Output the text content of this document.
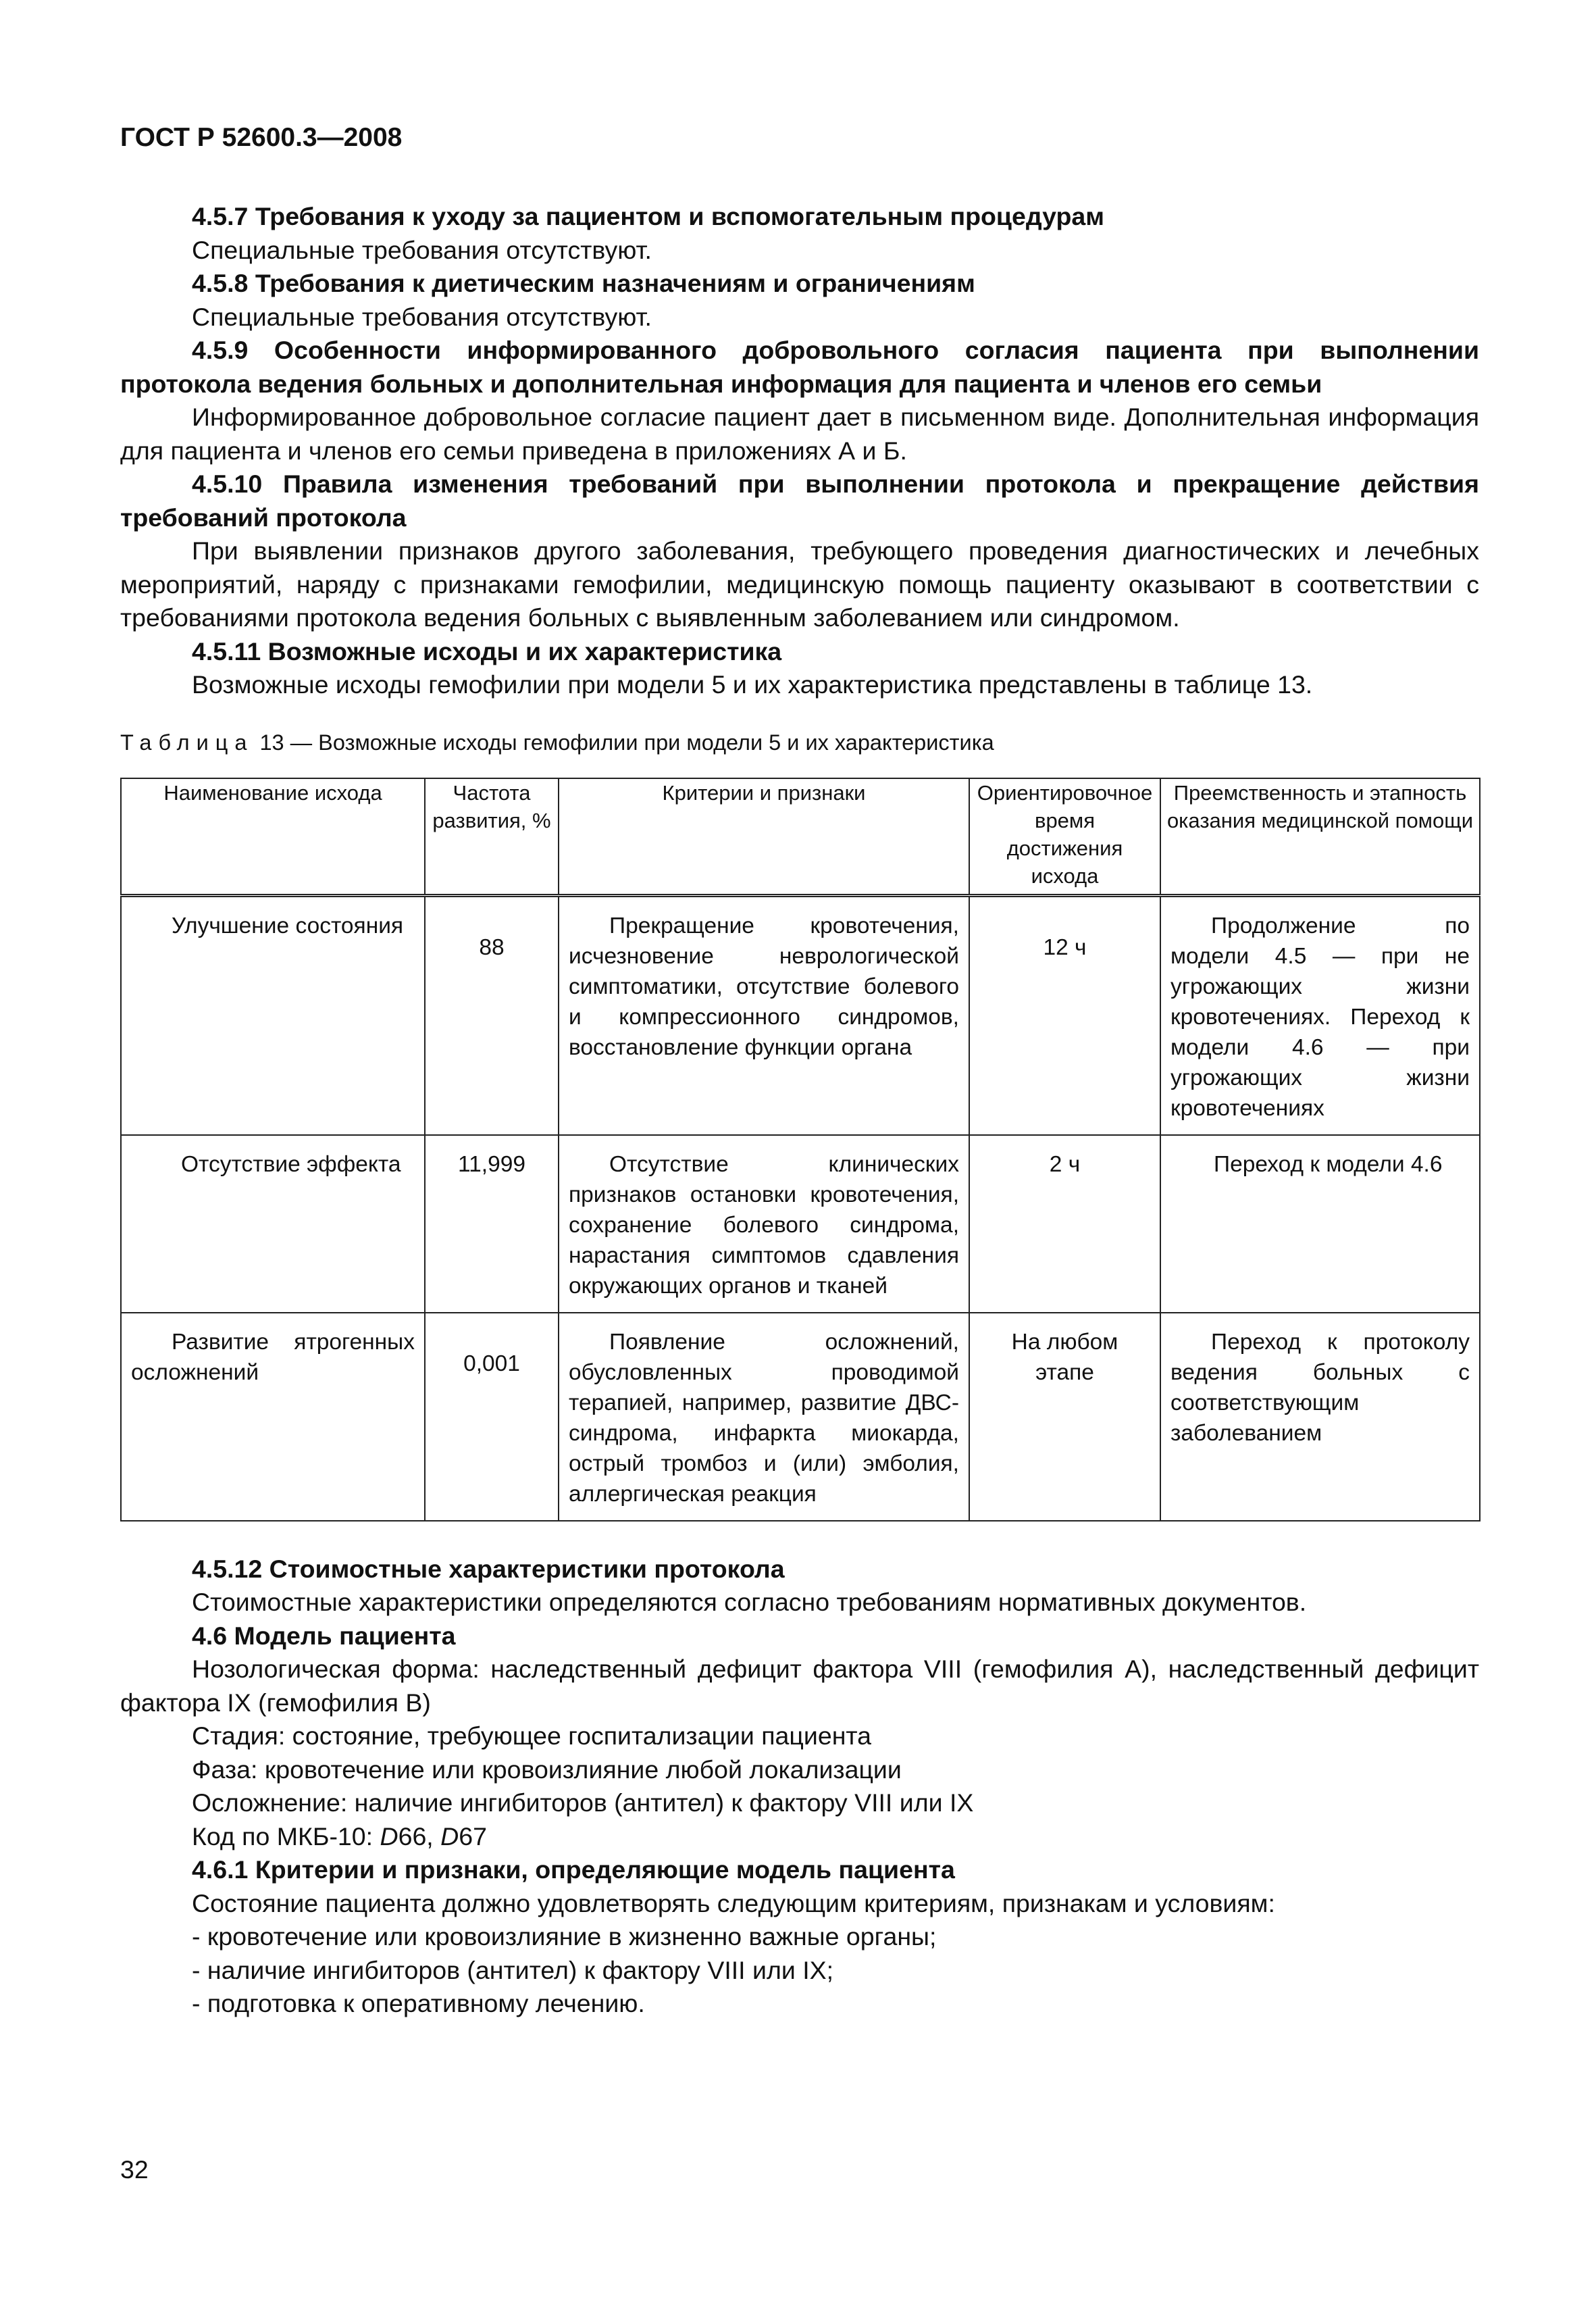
ГОСТ Р 52600.3—2008

4.5.7 Требования к уходу за пациентом и вспомогательным процедурам

Специальные требования отсутствуют.

4.5.8 Требования к диетическим назначениям и ограничениям

Специальные требования отсутствуют.

4.5.9 Особенности информированного добровольного согласия пациента при выполнении протокола ведения больных и дополнительная информация для пациента и членов его семьи

Информированное добровольное согласие пациент дает в письменном виде. Дополнительная информация для пациента и членов его семьи приведена в приложениях А и Б.

4.5.10 Правила изменения требований при выполнении протокола и прекращение действия требований протокола

При выявлении признаков другого заболевания, требующего проведения диагностических и лечебных мероприятий, наряду с признаками гемофилии, медицинскую помощь пациенту оказывают в соответствии с требованиями протокола ведения больных с выявленным заболеванием или синдромом.

4.5.11 Возможные исходы и их характеристика

Возможные исходы гемофилии при модели 5 и их характеристика представлены в таблице 13.

Таблица 13 — Возможные исходы гемофилии при модели 5 и их характеристика
Наименование исхода	Частота развития, %	Критерии и признаки	Ориентировочное время достижения исхода	Преемственность и этапность оказания медицинской помощи
Улучшение состояния	88	Прекращение кровотечения, исчезновение неврологической симптоматики, отсутствие болевого и компрессионного синдромов, восстановление функции органа	12 ч	Продолжение по модели 4.5 — при не угрожающих жизни кровотечениях. Переход к модели 4.6 — при угрожающих жизни кровотечениях
Отсутствие эффекта	11,999	Отсутствие клинических признаков остановки кровотечения, сохранение болевого синдрома, нарастания симптомов сдавления окружающих органов и тканей	2 ч	Переход к модели 4.6
Развитие ятрогенных осложнений	0,001	Появление осложнений, обусловленных проводимой терапией, например, развитие ДВС-синдрома, инфаркта миокарда, острый тромбоз и (или) эмболия, аллергическая реакция	На любом этапе	Переход к протоколу ведения больных с соответствующим заболеванием

4.5.12 Стоимостные характеристики протокола

Стоимостные характеристики определяются согласно требованиям нормативных документов.

4.6 Модель пациента

Нозологическая форма: наследственный дефицит фактора VIII (гемофилия А), наследственный дефицит фактора IX (гемофилия В)

Стадия: состояние, требующее госпитализации пациента

Фаза: кровотечение или кровоизлияние любой локализации

Осложнение: наличие ингибиторов (антител) к фактору VIII или IX

Код по МКБ-10: D66, D67

4.6.1 Критерии и признаки, определяющие модель пациента

Состояние пациента должно удовлетворять следующим критериям, признакам и условиям:

- кровотечение или кровоизлияние в жизненно важные органы;

- наличие ингибиторов (антител) к фактору VIII или IX;

- подготовка к оперативному лечению.

32
